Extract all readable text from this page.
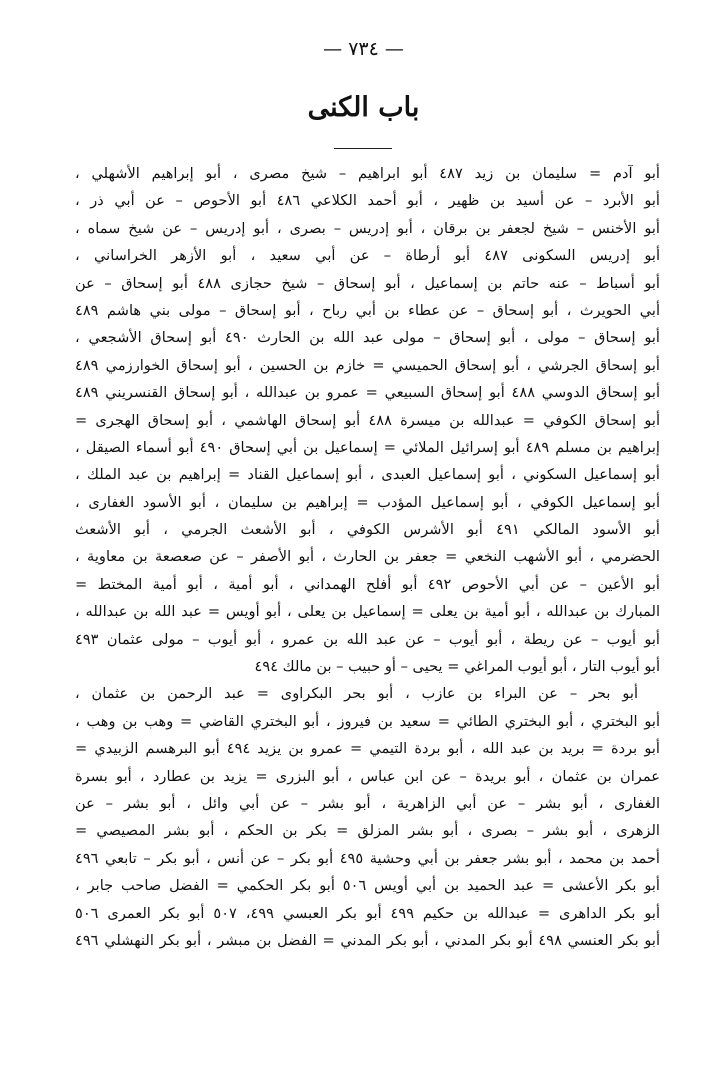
— ٧٣٤ —
باب الكنى
أبو آدم = سليمان بن زيد ٤٨٧ أبو ابراهيم – شيخ مصرى ، أبو إبراهيم الأشهلي ،
أبو الأبرد – عن أسيد بن ظهير ، أبو أحمد الكلاعي ٤٨٦ أبو الأحوص – عن أبي ذر ،
أبو الأخنس – شيخ لجعفر بن برقان ، أبو إدريس – بصرى ، أبو إدريس – عن شيخ سماه ،
أبو إدريس السكونى ٤٨٧ أبو أرطاة – عن أبي سعيد ، أبو الأزهر الخراساني ،
أبو أسباط – عنه حاتم بن إسماعيل ، أبو إسحاق – شيخ حجازى ٤٨٨ أبو إسحاق – عن
أبي الحويرث ، أبو إسحاق – عن عطاء بن أبي رباح ، أبو إسحاق – مولى بني هاشم ٤٨٩
أبو إسحاق – مولى ، أبو إسحاق – مولى عبد الله بن الحارث ٤٩٠ أبو إسحاق الأشجعي ،
أبو إسحاق الجرشي ، أبو إسحاق الحميسي = خازم بن الحسين ، أبو إسحاق الخوارزمي ٤٨٩
أبو إسحاق الدوسي ٤٨٨ أبو إسحاق السبيعي = عمرو بن عبدالله ، أبو إسحاق القنسريني ٤٨٩
أبو إسحاق الكوفي = عبدالله بن ميسرة ٤٨٨ أبو إسحاق الهاشمي ، أبو إسحاق الهجرى =
إبراهيم بن مسلم ٤٨٩ أبو إسرائيل الملائي = إسماعيل بن أبي إسحاق ٤٩٠ أبو أسماء الصيقل ،
أبو إسماعيل السكوني ، أبو إسماعيل العبدى ، أبو إسماعيل القناد = إبراهيم بن عبد الملك ،
أبو إسماعيل الكوفي ، أبو إسماعيل المؤدب = إبراهيم بن سليمان ، أبو الأسود الغفارى ،
أبو الأسود المالكي ٤٩١ أبو الأشرس الكوفي ، أبو الأشعث الجرمي ، أبو الأشعث
الحضرمي ، أبو الأشهب النخعي = جعفر بن الحارث ، أبو الأصفر – عن صعصعة بن معاوية ،
أبو الأعين – عن أبي الأحوص ٤٩٢ أبو أفلح الهمداني ، أبو أمية ، أبو أمية المختط =
المبارك بن عبدالله ، أبو أمية بن يعلى = إسماعيل بن يعلى ، أبو أويس = عبد الله بن عبدالله ،
أبو أيوب – عن ريطة ، أبو أيوب – عن عبد الله بن عمرو ، أبو أيوب – مولى عثمان ٤٩٣
أبو أيوب التار ، أبو أيوب المراغي = يحيى – أو حبيب – بن مالك ٤٩٤
أبو بحر – عن البراء بن عازب ، أبو بحر البكراوى = عبد الرحمن بن عثمان ،
أبو البختري ، أبو البختري الطائي = سعيد بن فيروز ، أبو البختري القاضي = وهب بن وهب ،
أبو بردة = بريد بن عبد الله ، أبو بردة التيمي = عمرو بن يزيد ٤٩٤ أبو البرهسم الزبيدي =
عمران بن عثمان ، أبو بريدة – عن ابن عباس ، أبو البزرى = يزيد بن عطارد ، أبو بسرة
الغفارى ، أبو بشر – عن أبي الزاهرية ، أبو بشر – عن أبي وائل ، أبو بشر – عن
الزهرى ، أبو بشر – بصرى ، أبو بشر المزلق = بكر بن الحكم ، أبو بشر المصيصي =
أحمد بن محمد ، أبو بشر جعفر بن أبي وحشية ٤٩٥ أبو بكر – عن أنس ، أبو بكر – تابعي ٤٩٦
أبو بكر الأعشى = عبد الحميد بن أبي أويس ٥٠٦ أبو بكر الحكمي = الفضل صاحب جابر ،
أبو بكر الداهرى = عبدالله بن حكيم ٤٩٩ أبو بكر العبسي ٤٩٩، ٥٠٧ أبو بكر العمرى ٥٠٦
أبو بكر العنسي ٤٩٨ أبو بكر المدني ، أبو بكر المدني = الفضل بن مبشر ، أبو بكر النهشلي ٤٩٦
